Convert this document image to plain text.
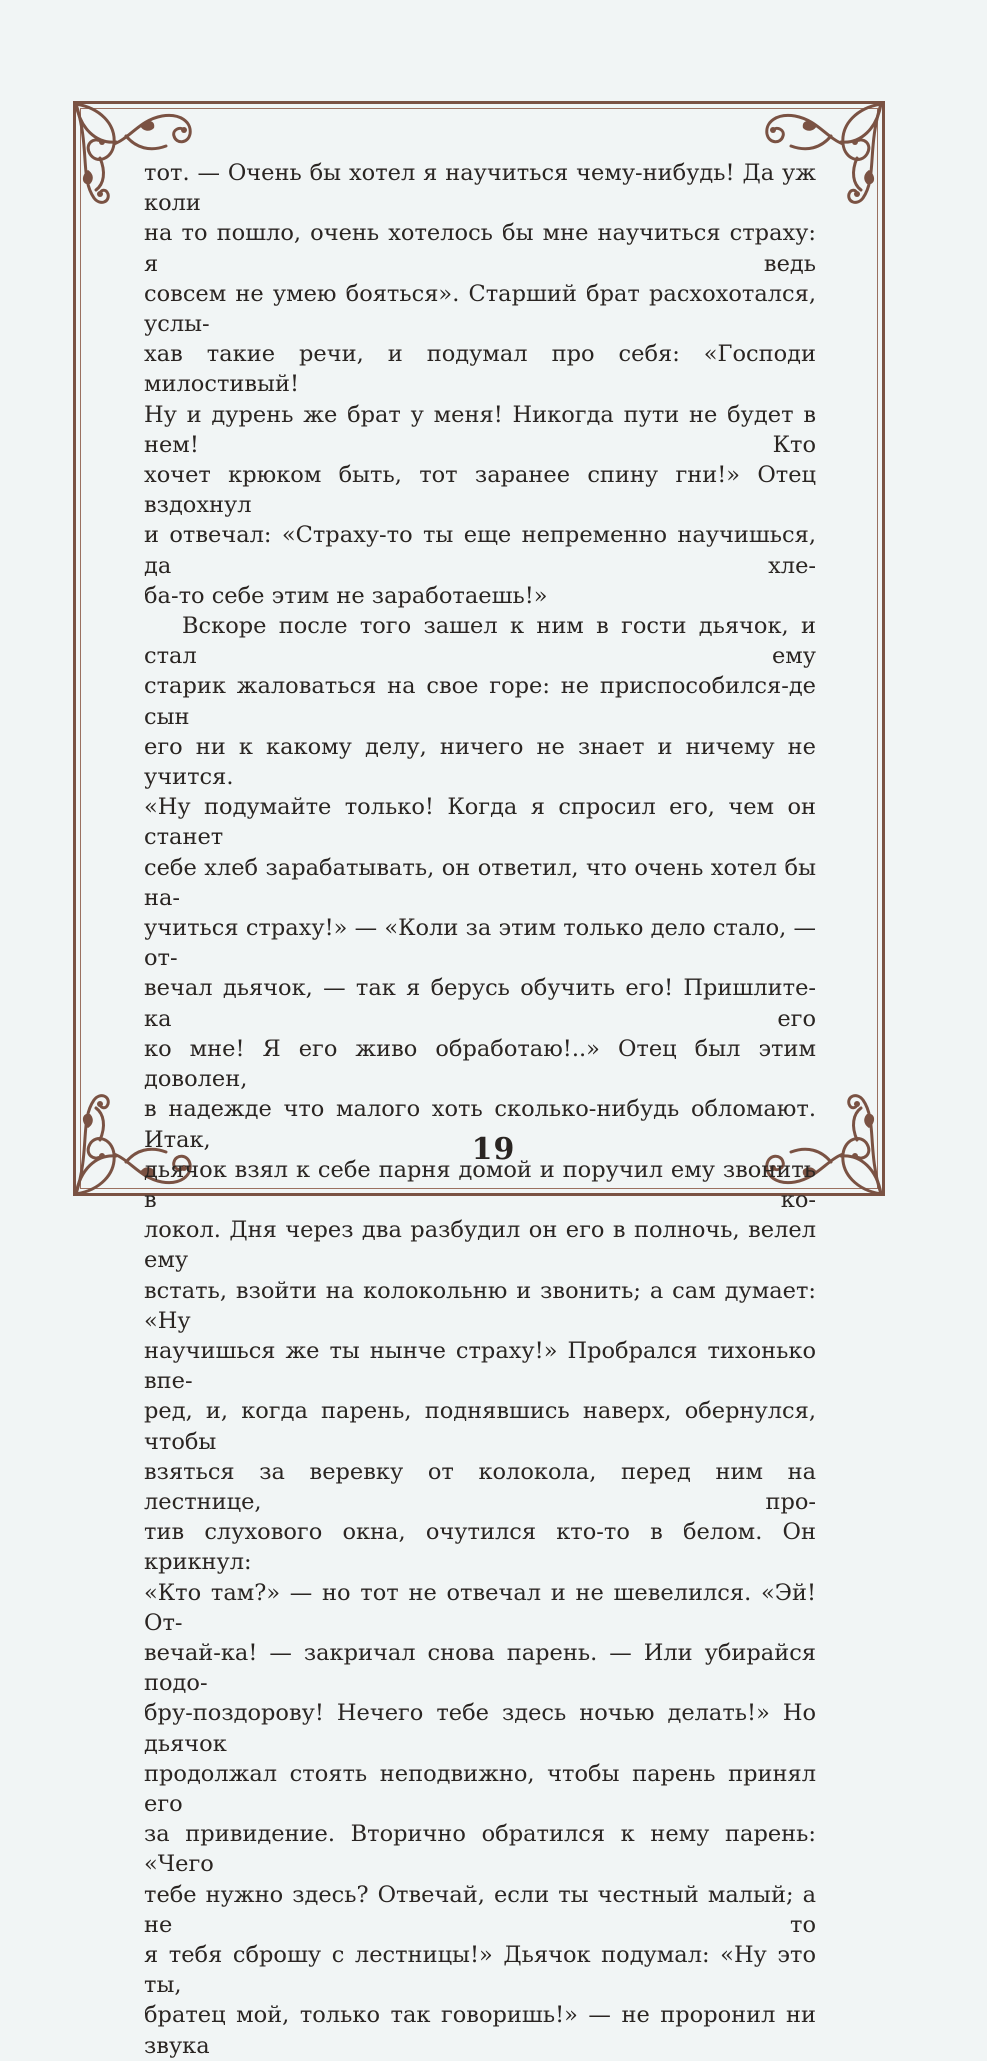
тот. — Очень бы хотел я научиться чему-нибудь! Да уж коли

на то пошло, очень хотелось бы мне научиться страху: я ведь

совсем не умею бояться». Старший брат расхохотался, услы-

хав такие речи, и подумал про себя: «Господи милостивый!

Ну и дурень же брат у меня! Никогда пути не будет в нем! Кто

хочет крюком быть, тот заранее спину гни!» Отец вздохнул

и отвечал: «Страху-то ты еще непременно научишься, да хле-

ба-то себе этим не заработаешь!»

Вскоре после того зашел к ним в гости дьячок, и стал ему

старик жаловаться на свое горе: не приспособился-де сын

его ни к какому делу, ничего не знает и ничему не учится.

«Ну подумайте только! Когда я спросил его, чем он станет

себе хлеб зарабатывать, он ответил, что очень хотел бы на-

учиться страху!» — «Коли за этим только дело стало, — от-

вечал дьячок, — так я берусь обучить его! Пришлите-ка его

ко мне! Я его живо обработаю!..» Отец был этим доволен,

в надежде что малого хоть сколько-нибудь обломают. Итак,

дьячок взял к себе парня домой и поручил ему звонить в ко-

локол. Дня через два разбудил он его в полночь, велел ему

встать, взойти на колокольню и звонить; а сам думает: «Ну

научишься же ты нынче страху!» Пробрался тихонько впе-

ред, и, когда парень, поднявшись наверх, обернулся, чтобы

взяться за веревку от колокола, перед ним на лестнице, про-

тив слухового окна, очутился кто-то в белом. Он крикнул:

«Кто там?» — но тот не отвечал и не шевелился. «Эй! От-

вечай-ка! — закричал снова парень. — Или убирайся подо-

бру-поздорову! Нечего тебе здесь ночью делать!» Но дьячок

продолжал стоять неподвижно, чтобы парень принял его

за привидение. Вторично обратился к нему парень: «Чего

тебе нужно здесь? Отвечай, если ты честный малый; а не то

я тебя сброшу с лестницы!» Дьячок подумал: «Ну это ты,

братец мой, только так говоришь!» — не проронил ни звука

19
